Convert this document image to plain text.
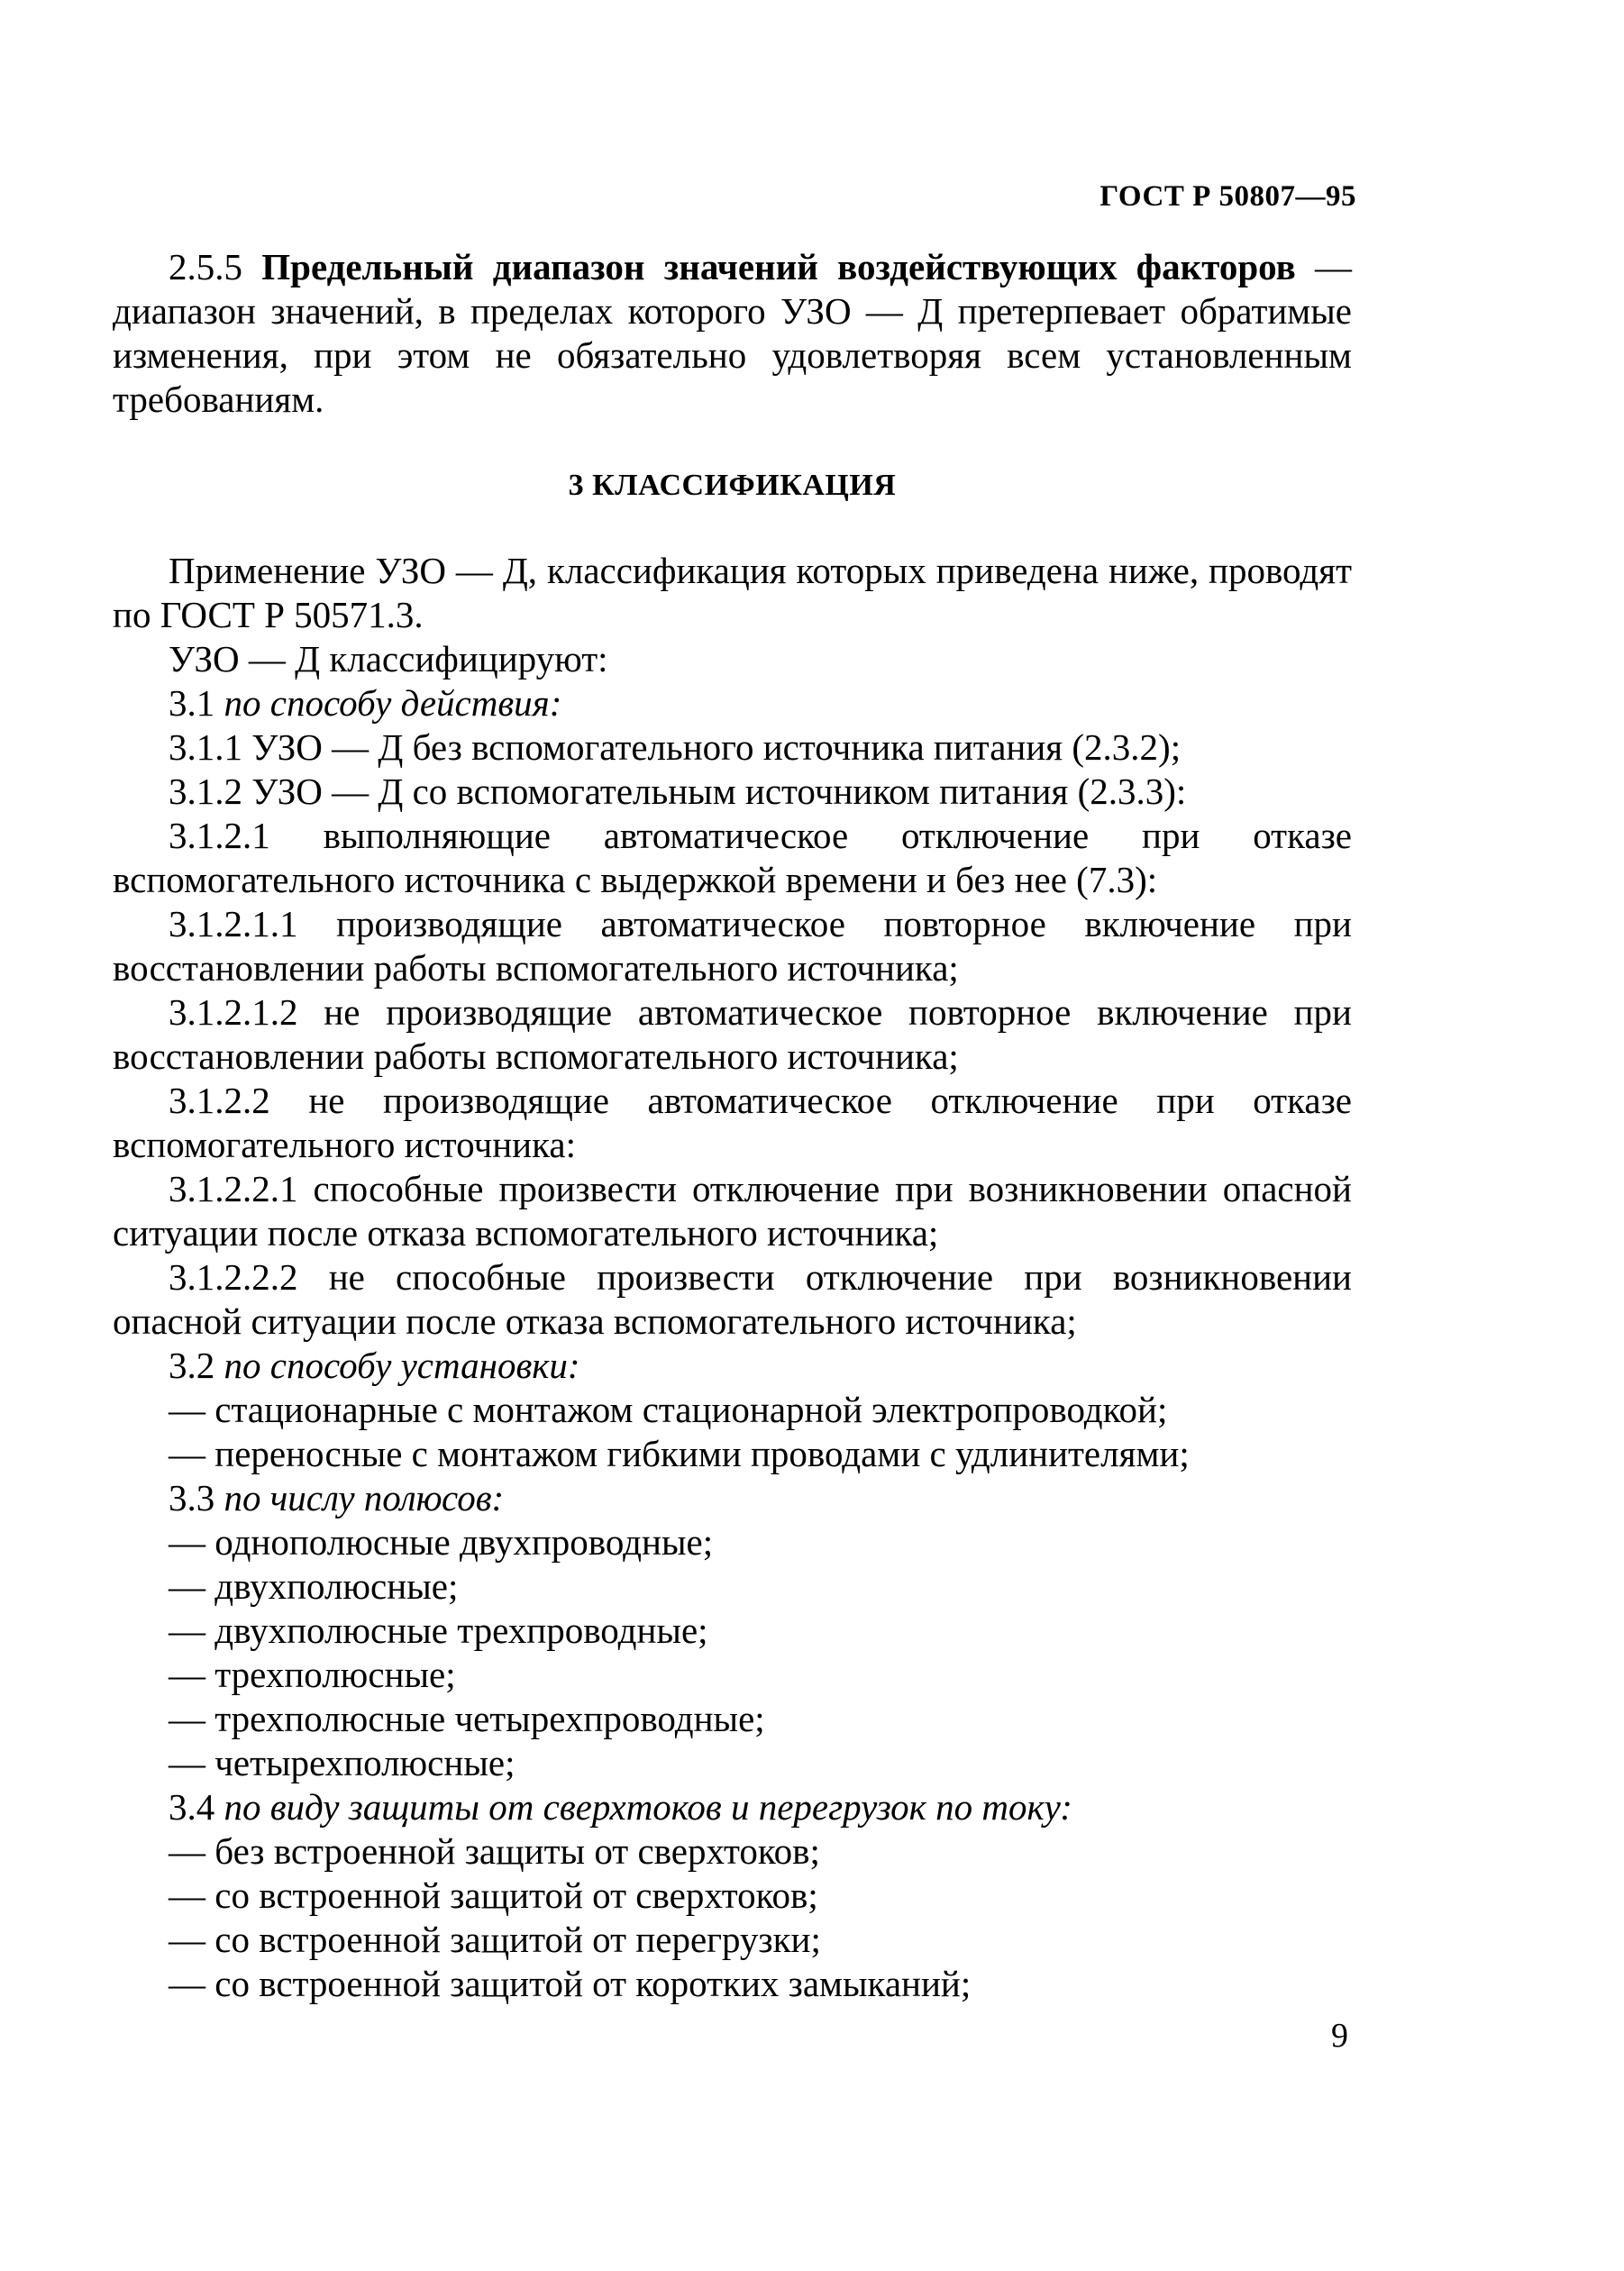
ГОСТ Р 50807—95

2.5.5 Предельный диапазон значений воздействующих факторов — диапазон значений, в пределах которого УЗО — Д претерпевает обратимые изменения, при этом не обязательно удовлетворяя всем установленным требованиям.

3 КЛАССИФИКАЦИЯ

Применение УЗО — Д, классификация которых приведена ниже, проводят по ГОСТ Р 50571.3.

УЗО — Д классифицируют:

3.1 по способу действия:

3.1.1 УЗО — Д без вспомогательного источника питания (2.3.2);

3.1.2 УЗО — Д со вспомогательным источником питания (2.3.3):

3.1.2.1 выполняющие автоматическое отключение при отказе вспомогательного источника с выдержкой времени и без нее (7.3):

3.1.2.1.1 производящие автоматическое повторное включение при восстановлении работы вспомогательного источника;

3.1.2.1.2 не производящие автоматическое повторное включение при восстановлении работы вспомогательного источника;

3.1.2.2 не производящие автоматическое отключение при отказе вспомогательного источника:

3.1.2.2.1 способные произвести отключение при возникновении опасной ситуации после отказа вспомогательного источника;

3.1.2.2.2 не способные произвести отключение при возникновении опасной ситуации после отказа вспомогательного источника;

3.2 по способу установки:

— стационарные с монтажом стационарной электропроводкой;

— переносные с монтажом гибкими проводами с удлинителями;

3.3 по числу полюсов:

— однополюсные двухпроводные;

— двухполюсные;

— двухполюсные трехпроводные;

— трехполюсные;

— трехполюсные четырехпроводные;

— четырехполюсные;

3.4 по виду защиты от сверхтоков и перегрузок по току:

— без встроенной защиты от сверхтоков;

— со встроенной защитой от сверхтоков;

— со встроенной защитой от перегрузки;

— со встроенной защитой от коротких замыканий;

9
